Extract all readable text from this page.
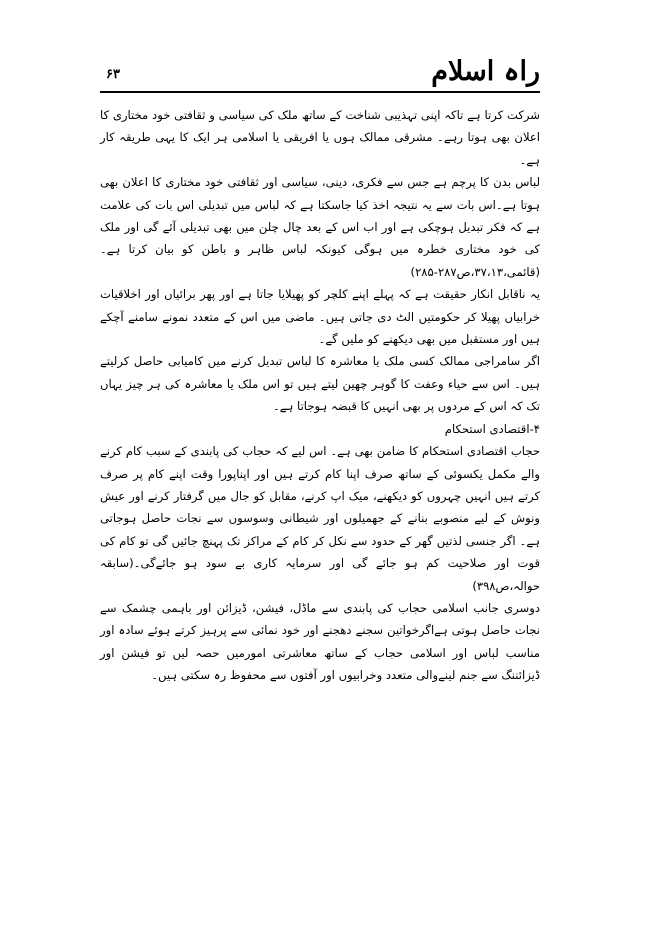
راہ اسلام
۶۳

شرکت کرتا ہے تاکہ اپنی تہذیبی شناخت کے ساتھ ملک کی سیاسی و ثقافتی خود مختاری کا اعلان بھی ہوتا رہے۔ مشرقی ممالک ہوں یا افریقی یا اسلامی ہر ایک کا یہی طریقہ کار ہے۔

لباس بدن کا پرچم ہے جس سے فکری، دینی، سیاسی اور ثقافتی خود مختاری کا اعلان بھی ہوتا ہے۔اس بات سے یہ نتیجہ اخذ کیا جاسکتا ہے کہ لباس میں تبدیلی اس بات کی علامت ہے کہ فکر تبدیل ہوچکی ہے اور اب اس کے بعد چال چلن میں بھی تبدیلی آئے گی اور ملک کی خود مختاری خطرہ میں ہوگی کیونکہ لباس ظاہر و باطن کو بیان کرتا ہے۔ (قائمی،۳۷،۱۳،ص۲۸۷-۲۸۵)

یہ ناقابل انکار حقیقت ہے کہ پہلے اپنے کلچر کو پھیلایا جاتا ہے اور پھر برائیاں اور اخلاقیات خرابیاں پھیلا کر حکومتیں الٹ دی جاتی ہیں۔ ماضی میں اس کے متعدد نمونے سامنے آچکے ہیں اور مستقبل میں بھی دیکھنے کو ملیں گے۔

اگر سامراجی ممالک کسی ملک یا معاشرہ کا لباس تبدیل کرنے میں کامیابی حاصل کرلیتے ہیں۔ اس سے حیاء وعفت کا گوہر چھین لیتے ہیں تو اس ملک یا معاشرہ کی ہر چیز یہاں تک کہ اس کے مردوں پر بھی انہیں کا قبضہ ہوجاتا ہے۔

۴-اقتصادی استحکام

حجاب اقتصادی استحکام کا ضامن بھی ہے۔ اس لیے کہ حجاب کی پابندی کے سبب کام کرنے والے مکمل یکسوئی کے ساتھ صرف اپنا کام کرتے ہیں اور اپناپورا وقت اپنے کام پر صرف کرتے ہیں انہیں چہروں کو دیکھنے، میک اپ کرنے، مقابل کو جال میں گرفتار کرنے اور عیش ونوش کے لیے منصوبے بنانے کے جھمیلوں اور شیطانی وسوسوں سے نجات حاصل ہوجاتی ہے۔ اگر جنسی لذتیں گھر کے حدود سے نکل کر کام کے مراکز تک پہنچ جائیں گی تو کام کی قوت اور صلاحیت کم ہو جائے گی اور سرمایہ کاری بے سود ہو جائےگی۔(سابقہ حوالہ،ص۳۹۸)

دوسری جانب اسلامی حجاب کی پابندی سے ماڈل، فیشن، ڈیزائن اور باہمی چشمک سے نجات حاصل ہوتی ہےاگرخواتین سجنے دھجنے اور خود نمائی سے پرہیز کرتے ہوئے سادہ اور مناسب لباس اور اسلامی حجاب کے ساتھ معاشرتی امورمیں حصہ لیں تو فیشن اور ڈیزائننگ سے جنم لینےوالی متعدد وخرابیوں اور آفتوں سے محفوظ رہ سکتی ہیں۔
